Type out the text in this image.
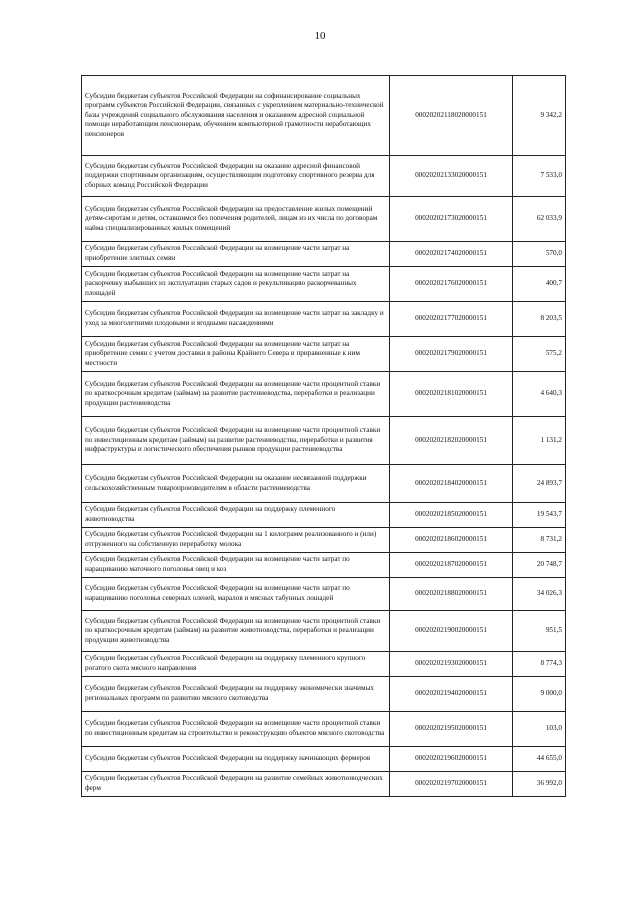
10
Субсидии бюджетам субъектов Российской Федерации на софинансирование социальных программ субъектов Российской Федерации, связанных с укреплением материально-технической базы учреждений социального обслуживания населения и оказанием адресной социальной помощи неработающим пенсионерам, обучением компьютерной грамотности неработающих пенсионеров	00020202118020000151	9 342,2
Субсидии бюджетам субъектов Российской Федерации на оказание адресной финансовой поддержки спортивным организациям, осуществляющим подготовку спортивного резерва для сборных команд Российской Федерации	00020202133020000151	7 533,0
Субсидии бюджетам субъектов Российской Федерации на предоставление жилых помещений детям-сиротам и детям, оставшимся без попечения родителей, лицам из их числа по договорам найма специализированных жилых помещений	00020202173020000151	62 033,9
Субсидии бюджетам субъектов Российской Федерации на возмещение части затрат на приобретение элитных семян	00020202174020000151	570,0
Субсидии бюджетам субъектов Российской Федерации на возмещение части затрат на раскорчевку выбывших из эксплуатации старых садов и рекультивацию раскорчеванных площадей	00020202176020000151	400,7
Субсидии бюджетам субъектов Российской Федерации на возмещение части затрат на закладку и уход за многолетними плодовыми и ягодными насаждениями	00020202177020000151	8 203,5
Субсидии бюджетам субъектов Российской Федерации на возмещение части затрат на приобретение семян с учетом доставки в районы Крайнего Севера и приравненные к ним местности	00020202179020000151	575,2
Субсидии бюджетам субъектов Российской Федерации на возмещение части процентной ставки по краткосрочным кредитам (займам) на развитие растениеводства, переработки и реализации продукции растениеводства	00020202181020000151	4 640,3
Субсидии бюджетам субъектов Российской Федерации на возмещение части процентной ставки по инвестиционным кредитам (займам) на развитие растениеводства, переработки и развития инфраструктуры и логистического обеспечения рынков продукции растениеводства	00020202182020000151	1 131,2
Субсидии бюджетам субъектов Российской Федерации на оказание несвязанной поддержки сельскохозяйственным товаропроизводителям в области растениеводства	00020202184020000151	24 893,7
Субсидии бюджетам субъектов Российской Федерации на поддержку племенного животноводства	00020202185020000151	19 543,7
Субсидии бюджетам субъектов Российской Федерации на 1 килограмм реализованного и (или) отгруженного на собственную переработку молока	00020202186020000151	8 731,2
Субсидии бюджетам субъектов Российской Федерации на возмещение части затрат по наращиванию маточного поголовья овец и коз	00020202187020000151	20 748,7
Субсидии бюджетам субъектов Российской Федерации на возмещение части затрат по наращиванию поголовья северных оленей, маралов и мясных табунных лошадей	00020202188020000151	34 026,3
Субсидии бюджетам субъектов Российской Федерации на возмещение части процентной ставки по краткосрочным кредитам (займам) на развитие животноводства, переработки и реализации продукции животноводства	00020202190020000151	951,5
Субсидии бюджетам субъектов Российской Федерации на поддержку племенного крупного рогатого скота мясного направления	00020202193020000151	8 774,3
Субсидии бюджетам субъектов Российской Федерации на поддержку экономически значимых региональных программ по развитию мясного скотоводства	00020202194020000151	9 000,0
Субсидии бюджетам субъектов Российской Федерации на возмещение части процентной ставки по инвестиционным кредитам на строительство и реконструкцию объектов мясного скотоводства	00020202195020000151	103,0
Субсидии бюджетам субъектов Российской Федерации на поддержку начинающих фермеров	00020202196020000151	44 655,0
Субсидии бюджетам субъектов Российской Федерации на развитие семейных животноводческих ферм	00020202197020000151	36 992,0
